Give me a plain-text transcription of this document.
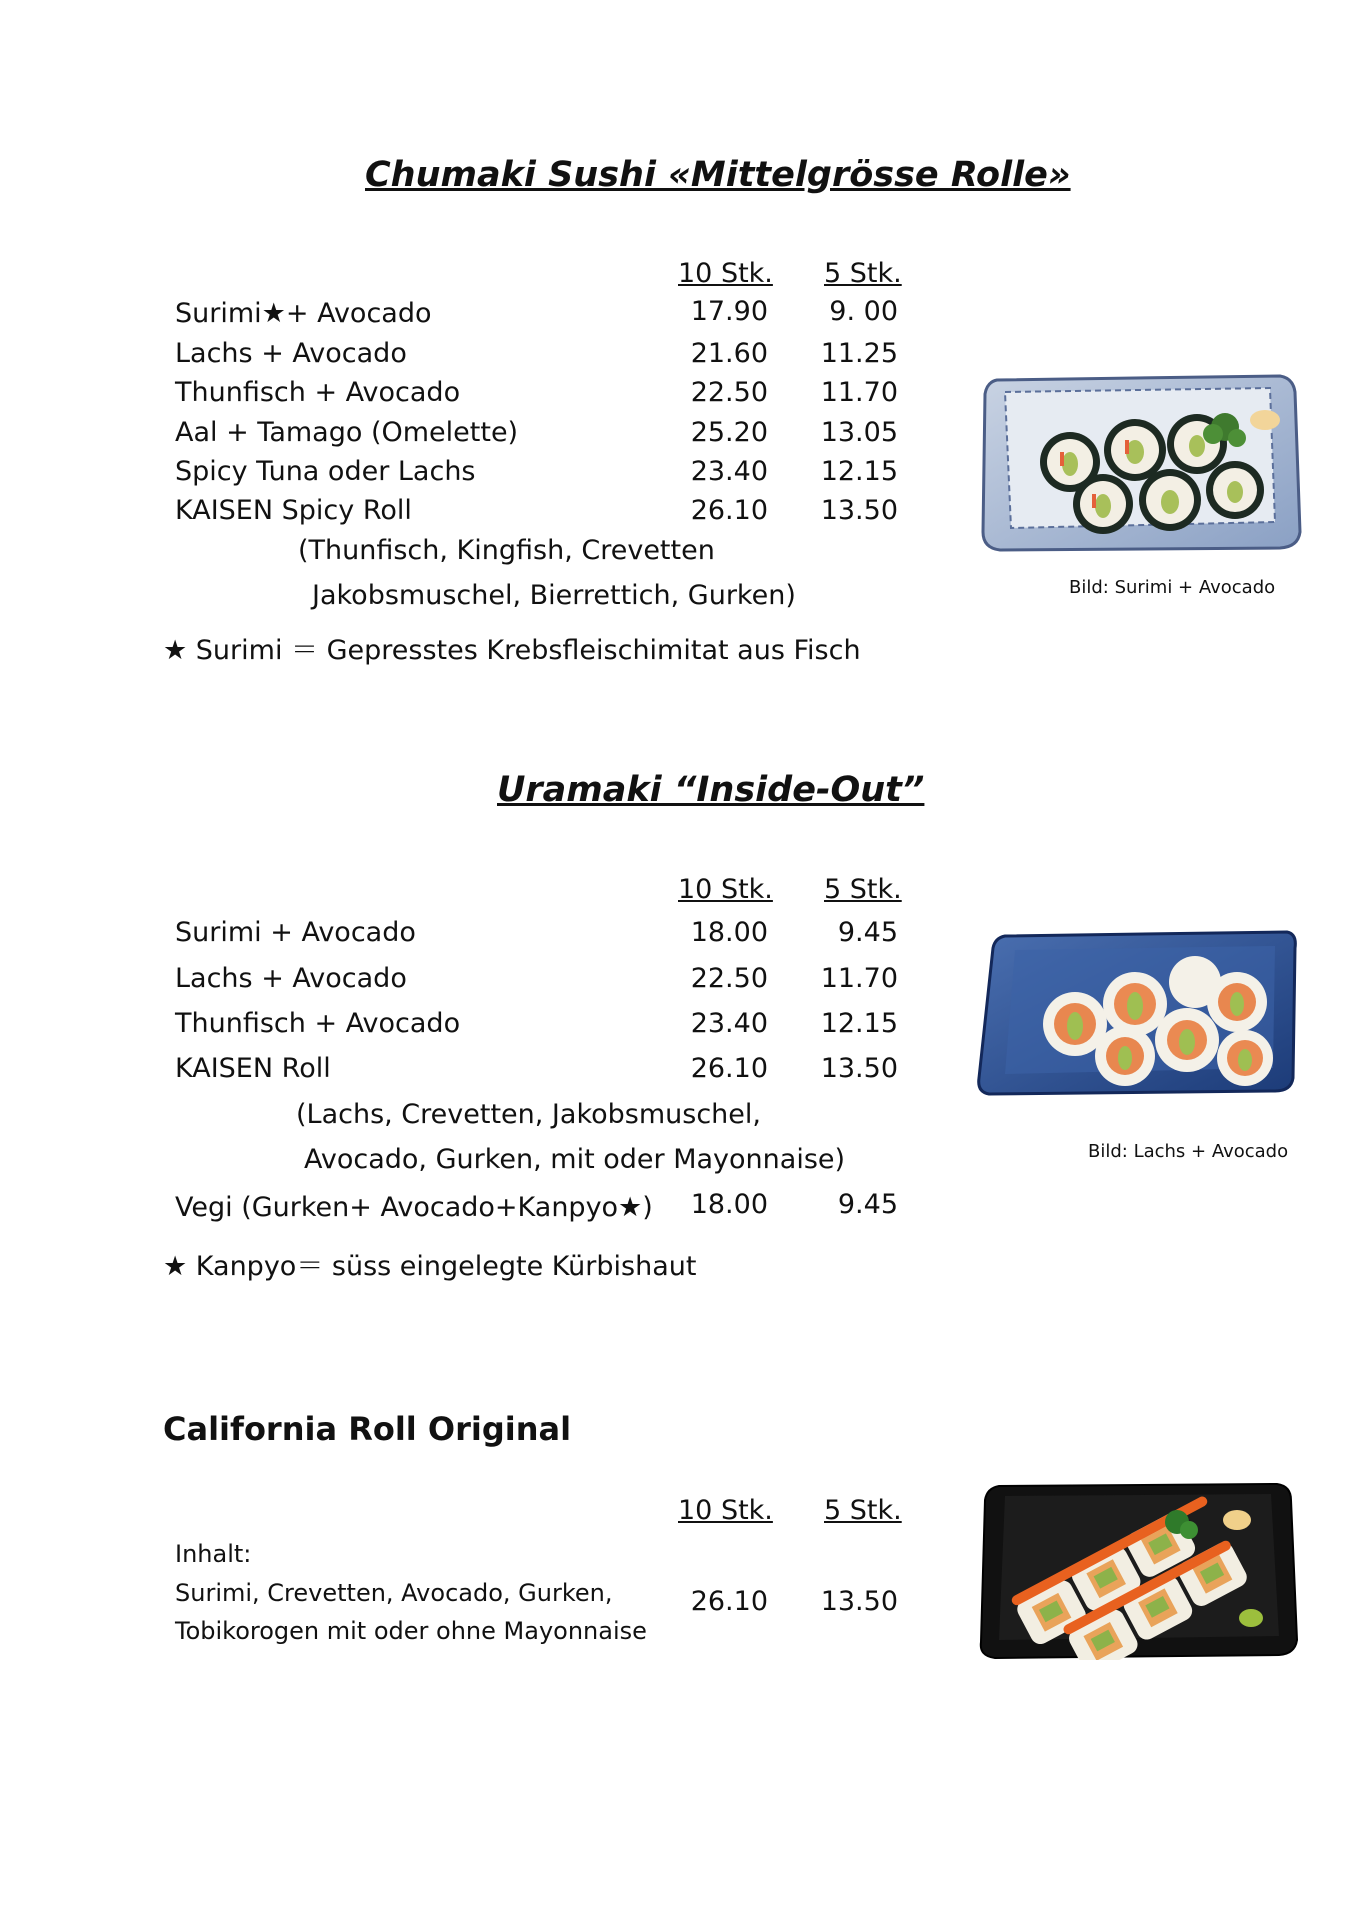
Chumaki Sushi «Mittelgrösse Rolle»
10 Stk. 5 Stk.
Surimi★+ Avocado	17.90	9. 00
Lachs + Avocado	21.60	11.25
Thunfisch + Avocado	22.50	11.70
Aal + Tamago (Omelette)	25.20	13.05
Spicy Tuna oder Lachs	23.40	12.15
KAISEN Spicy Roll	26.10	13.50
(Thunfisch, Kingfish, Crevetten
Jakobsmuschel, Bierrettich, Gurken)
★ Surimi ＝ Gepresstes Krebsfleischimitat aus Fisch
Bild: Surimi + Avocado
Uramaki “Inside-Out”
10 Stk.	5 Stk.
Surimi + Avocado	18.00	9.45
Lachs + Avocado	22.50	11.70
Thunfisch + Avocado	23.40	12.15
KAISEN Roll	26.10	13.50
(Lachs, Crevetten, Jakobsmuschel,
Avocado, Gurken, mit oder Mayonnaise)
Vegi (Gurken+ Avocado+Kanpyo★)	18.00	9.45
★ Kanpyo＝ süss eingelegte Kürbishaut
Bild: Lachs + Avocado
California Roll Original
10 Stk. 5 Stk.
Inhalt:
Surimi, Crevetten, Avocado, Gurken,
Tobikorogen mit oder ohne Mayonnaise
26.10	13.50
